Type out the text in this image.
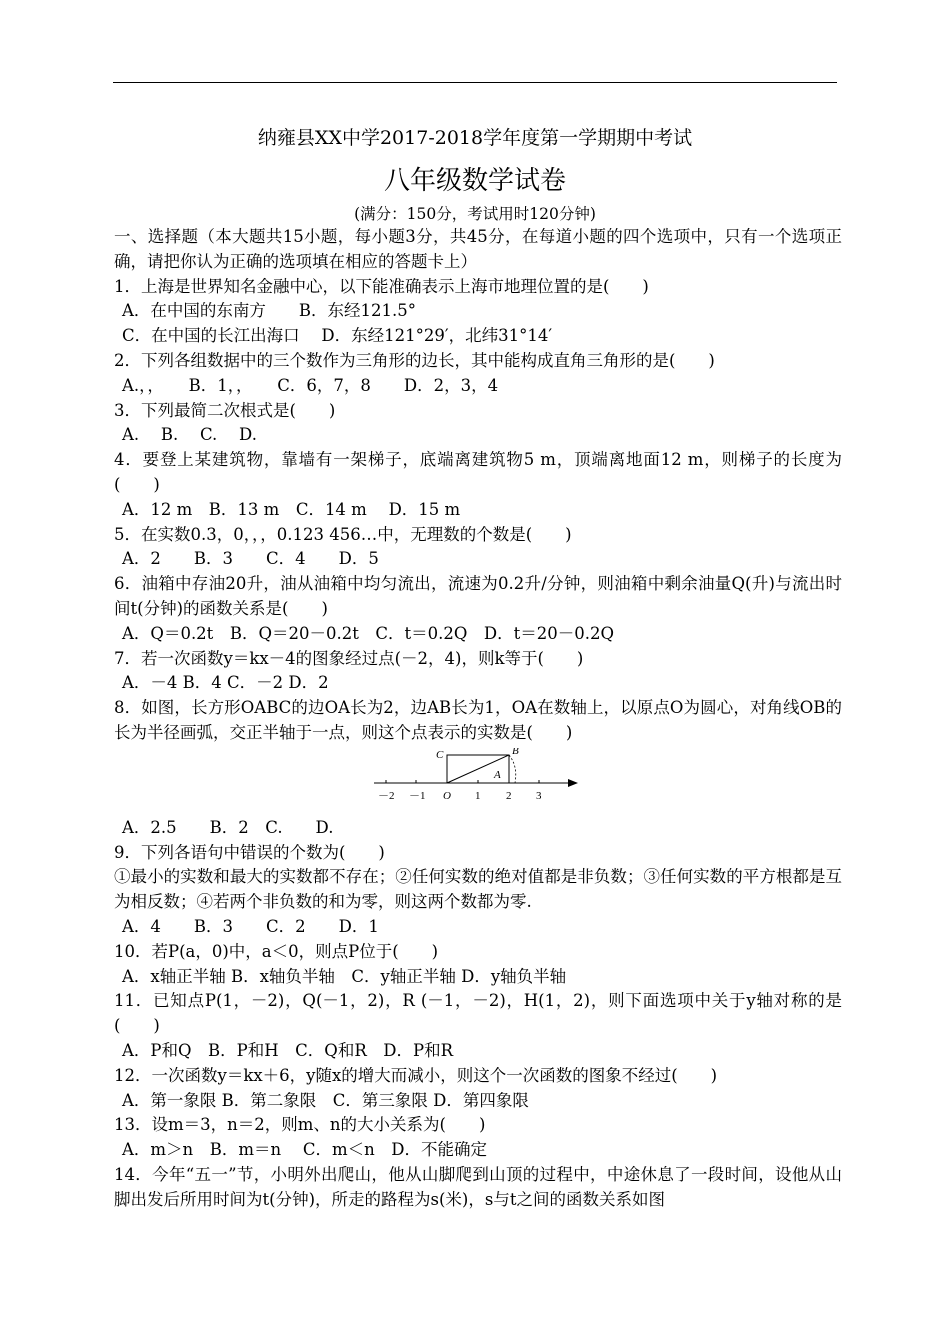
纳雍县XX中学2017-2018学年度第一学期期中考试
八年级数学试卷
(满分：150分，考试用时120分钟)
一、选择题（本大题共15小题，每小题3分，共45分，在每道小题的四个选项中，只有一个选项正确，请把你认为正确的选项填在相应的答题卡上）
1．上海是世界知名金融中心，以下能准确表示上海市地理位置的是(　　)
A．在中国的东南方　　B．东经121.5°
C．在中国的长江出海口　 D．东经121°29′，北纬31°14′
2．下列各组数据中的三个数作为三角形的边长，其中能构成直角三角形的是(　　)
A.，，　　B．1，，　　C．6，7，8　　D．2，3，4
3．下列最简二次根式是(　　)
A.　 B.　 C.　 D.
4．要登上某建筑物，靠墙有一架梯子，底端离建筑物5 m，顶端离地面12 m，则梯子的长度为(　　)
A．12 m　B．13 m　C．14 m　 D．15 m
5．在实数0.3，0，，，0.123 456…中，无理数的个数是(　　)
A．2　　B．3　　C．4　　D．5
6．油箱中存油20升，油从油箱中均匀流出，流速为0.2升/分钟，则油箱中剩余油量Q(升)与流出时间t(分钟)的函数关系是(　　)
A．Q＝0.2t　B．Q＝20－0.2t　C．t＝0.2Q　D．t＝20－0.2Q
7．若一次函数y＝kx－4的图象经过点(－2，4)，则k等于(　　)
A．－4 B．4 C．－2 D．2
8．如图，长方形OABC的边OA长为2，边AB长为1，OA在数轴上，以原点O为圆心，对角线OB的长为半径画弧，交正半轴于一点，则这个点表示的实数是(　　)
－2 －1 O 1 2 3
C	B
A
A．2.5　　B．2　C.　　D.
9．下列各语句中错误的个数为(　　)
①最小的实数和最大的实数都不存在；②任何实数的绝对值都是非负数；③任何实数的平方根都是互为相反数；④若两个非负数的和为零，则这两个数都为零.
A．4　　B．3　　C．2　　D．1
10．若P(a，0)中，a＜0，则点P位于(　　)
A．x轴正半轴 B．x轴负半轴　C．y轴正半轴 D．y轴负半轴
11．已知点P(1，－2)，Q(－1，2)，R (－1，－2)，H(1，2)，则下面选项中关于y轴对称的是(　　)
A．P和Q　B．P和H　C．Q和R　D．P和R
12．一次函数y＝kx＋6，y随x的增大而减小，则这个一次函数的图象不经过(　　)
A．第一象限 B．第二象限　C．第三象限 D．第四象限
13．设m＝3，n＝2，则m、n的大小关系为(　　)
A．m＞n　B．m＝n　 C．m＜n　D．不能确定
14．今年“五一”节，小明外出爬山，他从山脚爬到山顶的过程中，中途休息了一段时间，设他从山脚出发后所用时间为t(分钟)，所走的路程为s(米)，s与t之间的函数关系如图
